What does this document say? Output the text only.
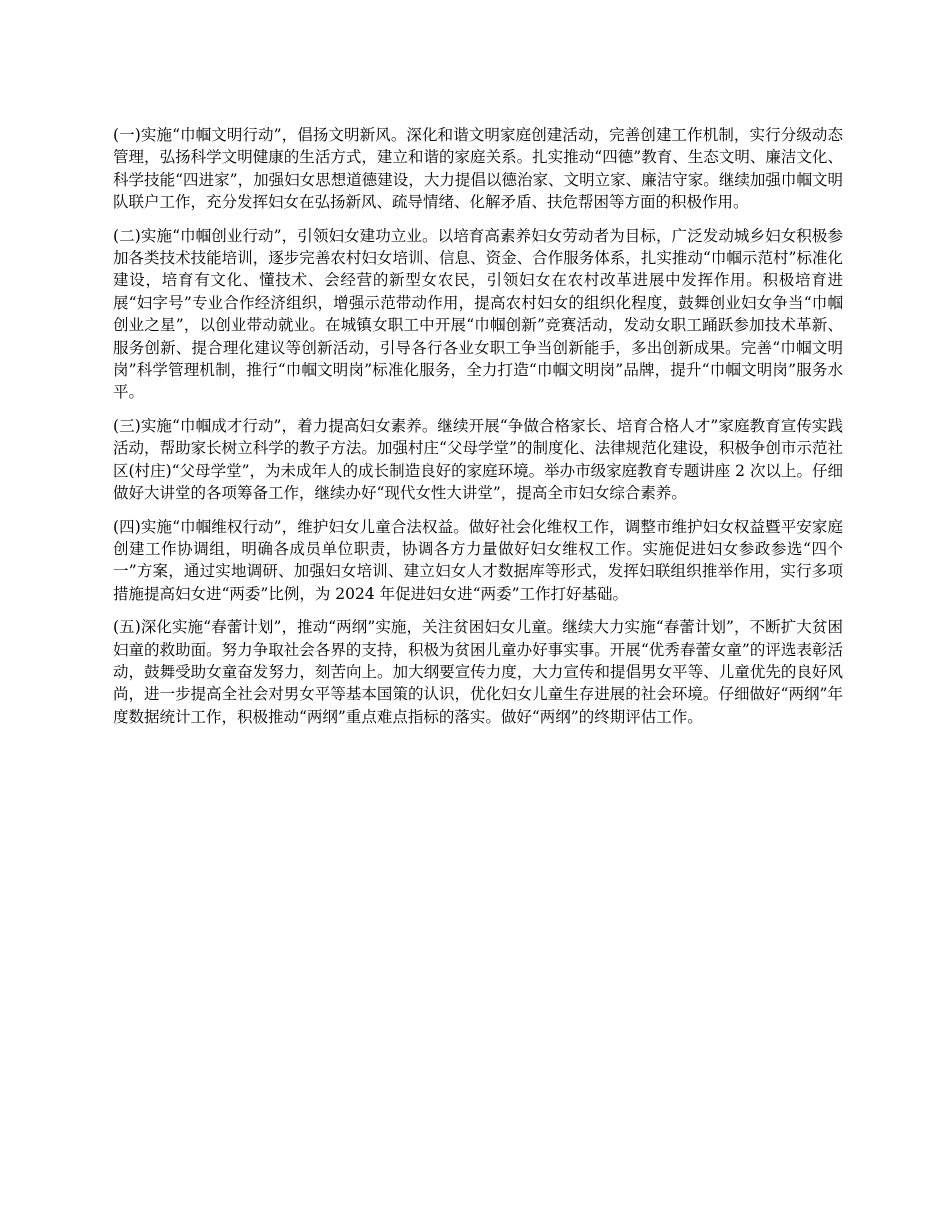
(一)实施“巾帼文明行动”，倡扬文明新风。深化和谐文明家庭创建活动，完善创建工作机制，实行分级动态管理，弘扬科学文明健康的生活方式，建立和谐的家庭关系。扎实推动“四德”教育、生态文明、廉洁文化、科学技能“四进家”，加强妇女思想道德建设，大力提倡以德治家、文明立家、廉洁守家。继续加强巾帼文明队联户工作，充分发挥妇女在弘扬新风、疏导情绪、化解矛盾、扶危帮困等方面的积极作用。

(二)实施“巾帼创业行动”，引领妇女建功立业。以培育高素养妇女劳动者为目标，广泛发动城乡妇女积极参加各类技术技能培训，逐步完善农村妇女培训、信息、资金、合作服务体系，扎实推动“巾帼示范村”标准化建设，培育有文化、懂技术、会经营的新型女农民，引领妇女在农村改革进展中发挥作用。积极培育进展“妇字号”专业合作经济组织，增强示范带动作用，提高农村妇女的组织化程度，鼓舞创业妇女争当“巾帼创业之星”，以创业带动就业。在城镇女职工中开展“巾帼创新”竞赛活动，发动女职工踊跃参加技术革新、服务创新、提合理化建议等创新活动，引导各行各业女职工争当创新能手，多出创新成果。完善“巾帼文明岗”科学管理机制，推行“巾帼文明岗”标准化服务，全力打造“巾帼文明岗”品牌，提升“巾帼文明岗”服务水平。

(三)实施“巾帼成才行动”，着力提高妇女素养。继续开展“争做合格家长、培育合格人才”家庭教育宣传实践活动，帮助家长树立科学的教子方法。加强村庄“父母学堂”的制度化、法律规范化建设，积极争创市示范社区(村庄)“父母学堂”，为未成年人的成长制造良好的家庭环境。举办市级家庭教育专题讲座 2 次以上。仔细做好大讲堂的各项筹备工作，继续办好“现代女性大讲堂”，提高全市妇女综合素养。

(四)实施“巾帼维权行动”，维护妇女儿童合法权益。做好社会化维权工作，调整市维护妇女权益暨平安家庭创建工作协调组，明确各成员单位职责，协调各方力量做好妇女维权工作。实施促进妇女参政参选“四个一”方案，通过实地调研、加强妇女培训、建立妇女人才数据库等形式，发挥妇联组织推举作用，实行多项措施提高妇女进“两委”比例，为 2024 年促进妇女进“两委”工作打好基础。

(五)深化实施“春蕾计划”，推动“两纲”实施，关注贫困妇女儿童。继续大力实施“春蕾计划”，不断扩大贫困妇童的救助面。努力争取社会各界的支持，积极为贫困儿童办好事实事。开展“优秀春蕾女童”的评选表彰活动，鼓舞受助女童奋发努力，刻苦向上。加大纲要宣传力度，大力宣传和提倡男女平等、儿童优先的良好风尚，进一步提高全社会对男女平等基本国策的认识，优化妇女儿童生存进展的社会环境。仔细做好“两纲”年度数据统计工作，积极推动“两纲”重点难点指标的落实。做好“两纲”的终期评估工作。
